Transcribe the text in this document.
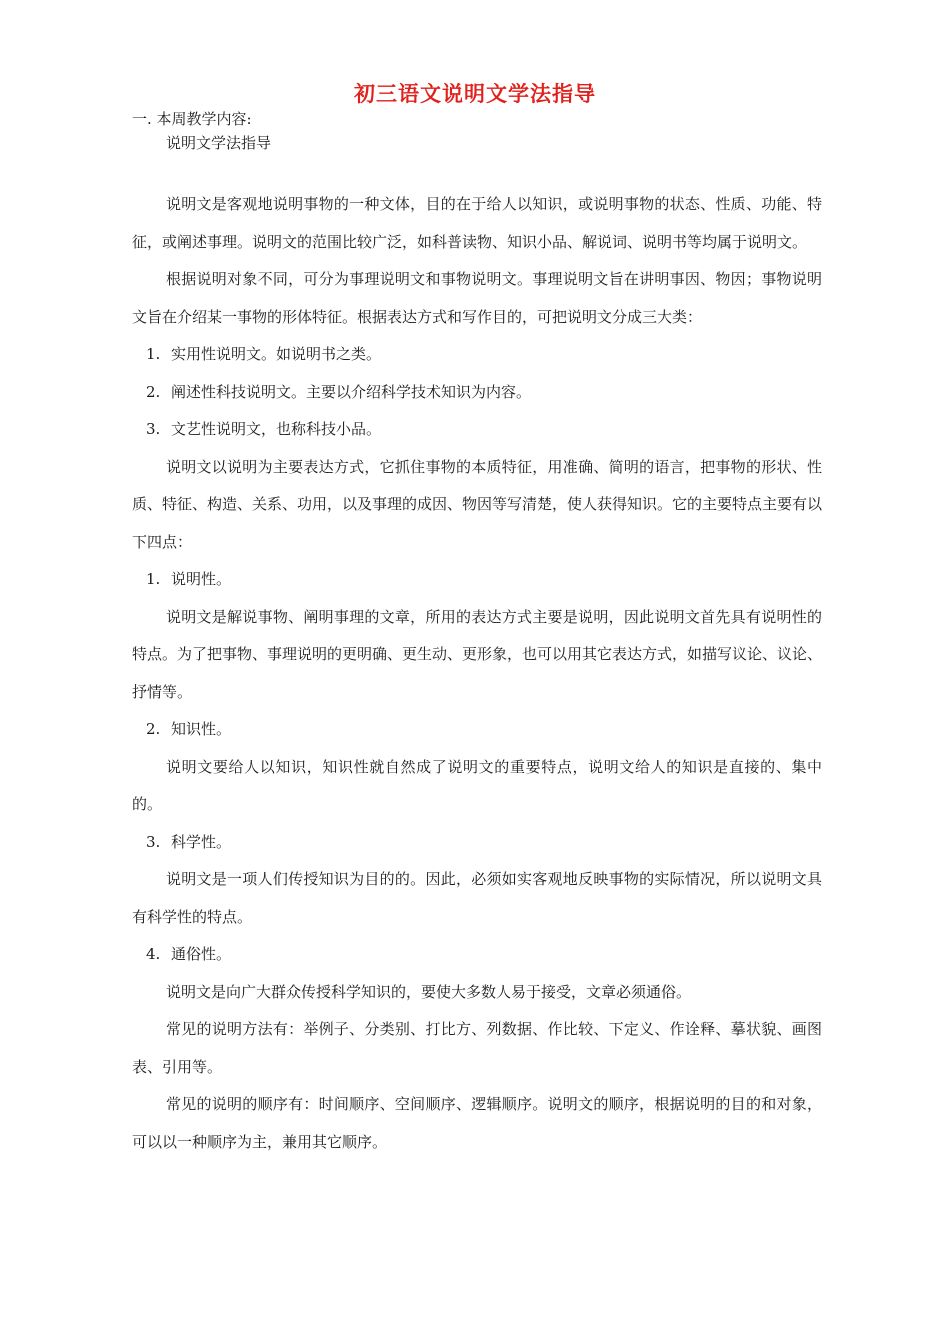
初三语文说明文学法指导
一. 本周教学内容:
说明文学法指导

说明文是客观地说明事物的一种文体，目的在于给人以知识，或说明事物的状态、性质、功能、特征，或阐述事理。说明文的范围比较广泛，如科普读物、知识小品、解说词、说明书等均属于说明文。

根据说明对象不同，可分为事理说明文和事物说明文。事理说明文旨在讲明事因、物因；事物说明文旨在介绍某一事物的形体特征。根据表达方式和写作目的，可把说明文分成三大类：

1. 实用性说明文。如说明书之类。

2. 阐述性科技说明文。主要以介绍科学技术知识为内容。

3. 文艺性说明文，也称科技小品。

说明文以说明为主要表达方式，它抓住事物的本质特征，用准确、简明的语言，把事物的形状、性质、特征、构造、关系、功用，以及事理的成因、物因等写清楚，使人获得知识。它的主要特点主要有以下四点：

1. 说明性。

说明文是解说事物、阐明事理的文章，所用的表达方式主要是说明，因此说明文首先具有说明性的特点。为了把事物、事理说明的更明确、更生动、更形象，也可以用其它表达方式，如描写议论、议论、抒情等。

2. 知识性。

说明文要给人以知识，知识性就自然成了说明文的重要特点，说明文给人的知识是直接的、集中的。

3. 科学性。

说明文是一项人们传授知识为目的的。因此，必须如实客观地反映事物的实际情况，所以说明文具有科学性的特点。

4. 通俗性。

说明文是向广大群众传授科学知识的，要使大多数人易于接受，文章必须通俗。

常见的说明方法有：举例子、分类别、打比方、列数据、作比较、下定义、作诠释、摹状貌、画图表、引用等。

常见的说明的顺序有：时间顺序、空间顺序、逻辑顺序。说明文的顺序，根据说明的目的和对象，可以以一种顺序为主，兼用其它顺序。
